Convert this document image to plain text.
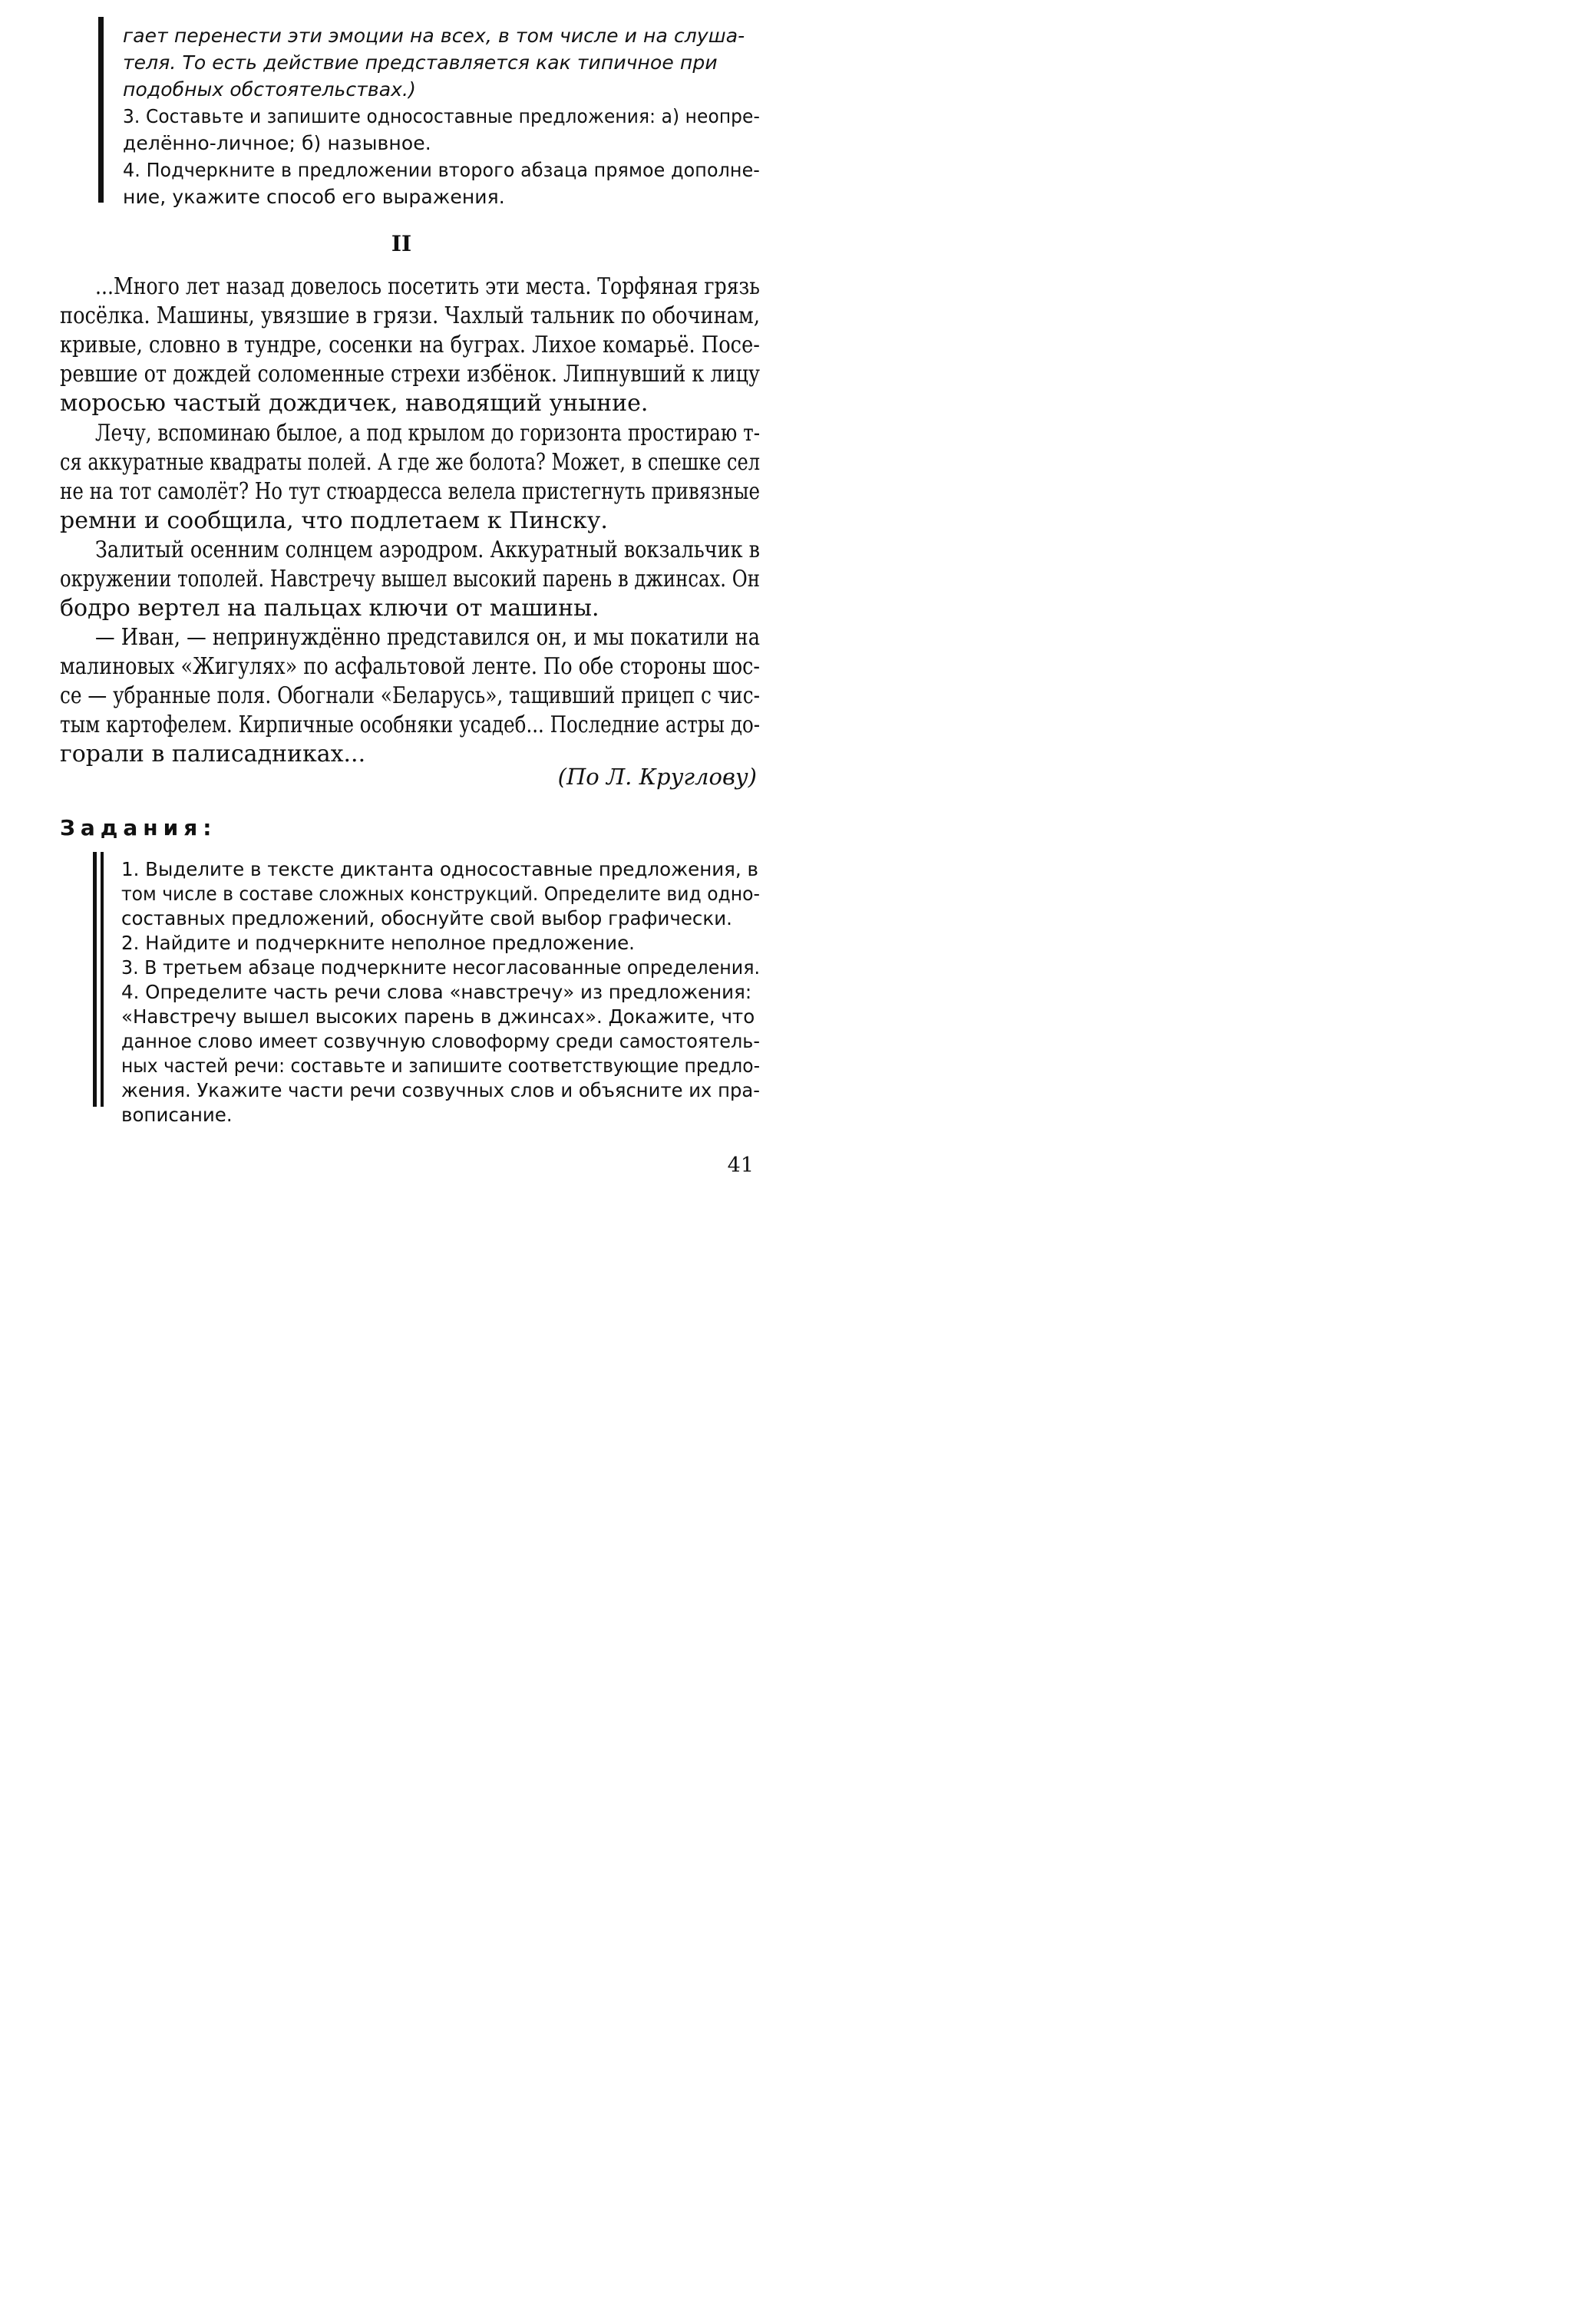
гает перенести эти эмоции на всех, в том числе и на слуша-
теля. То есть действие представляется как типичное при
подобных обстоятельствах.)
3. Составьте и запишите односоставные предложения: а) неопре-
делённо-личное; б) назывное.
4. Подчеркните в предложении второго абзаца прямое дополне-
ние, укажите способ его выражения.
II
...Много лет назад довелось посетить эти места. Торфяная грязь
посёлка. Машины, увязшие в грязи. Чахлый тальник по обочинам,
кривые, словно в тундре, сосенки на буграх. Лихое комарьё. Посе-
ревшие от дождей соломенные стрехи избёнок. Липнувший к лицу
моросью частый дождичек, наводящий уныние.
Лечу, вспоминаю былое, а под крылом до горизонта простираю т-
ся аккуратные квадраты полей. А где же болота? Может, в спешке сел
не на тот самолёт? Но тут стюардесса велела пристегнуть привязные
ремни и сообщила, что подлетаем к Пинску.
Залитый осенним солнцем аэродром. Аккуратный вокзальчик в
окружении тополей. Навстречу вышел высокий парень в джинсах. Он
бодро вертел на пальцах ключи от машины.
— Иван, — непринуждённо представился он, и мы покатили на
малиновых «Жигулях» по асфальтовой ленте. По обе стороны шос-
се — убранные поля. Обогнали «Беларусь», тащивший прицеп с чис-
тым картофелем. Кирпичные особняки усадеб... Последние астры до-
горали в палисадниках...
(По Л. Круглову)
Задания:
1. Выделите в тексте диктанта односоставные предложения, в
том числе в составе сложных конструкций. Определите вид одно-
составных предложений, обоснуйте свой выбор графически.
2. Найдите и подчеркните неполное предложение.
3. В третьем абзаце подчеркните несогласованные определения.
4. Определите часть речи слова «навстречу» из предложения:
«Навстречу вышел высоких парень в джинсах». Докажите, что
данное слово имеет созвучную словоформу среди самостоятель-
ных частей речи: составьте и запишите соответствующие предло-
жения. Укажите части речи созвучных слов и объясните их пра-
вописание.
41
